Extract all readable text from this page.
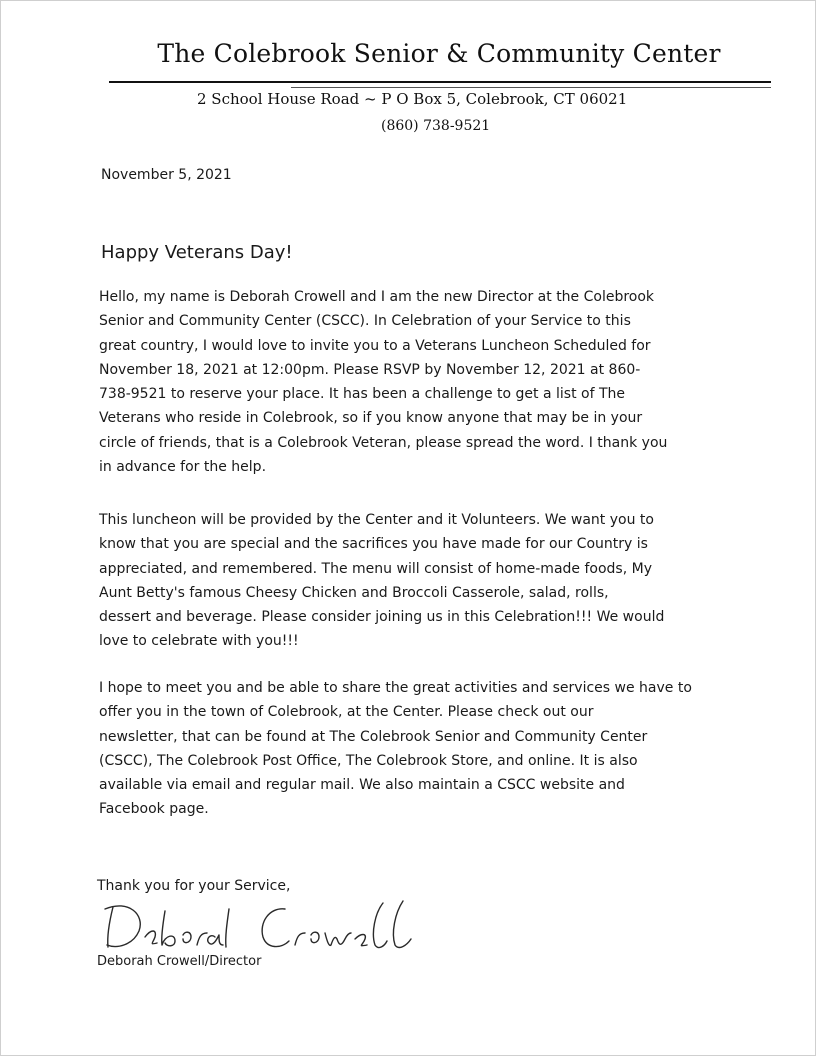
The Colebrook Senior & Community Center
2 School House Road ~ P O Box 5, Colebrook, CT 06021
(860) 738-9521
November 5, 2021
Happy Veterans Day!
Hello, my name is Deborah Crowell and I am the new Director at the Colebrook
Senior and Community Center (CSCC). In Celebration of your Service to this
great country, I would love to invite you to a Veterans Luncheon Scheduled for
November 18, 2021 at 12:00pm. Please RSVP by November 12, 2021 at 860-
738-9521 to reserve your place. It has been a challenge to get a list of The
Veterans who reside in Colebrook, so if you know anyone that may be in your
circle of friends, that is a Colebrook Veteran, please spread the word. I thank you
in advance for the help.
This luncheon will be provided by the Center and it Volunteers. We want you to
know that you are special and the sacrifices you have made for our Country is
appreciated, and remembered. The menu will consist of home-made foods, My
Aunt Betty's famous Cheesy Chicken and Broccoli Casserole, salad, rolls,
dessert and beverage. Please consider joining us in this Celebration!!! We would
love to celebrate with you!!!
I hope to meet you and be able to share the great activities and services we have to
offer you in the town of Colebrook, at the Center. Please check out our
newsletter, that can be found at The Colebrook Senior and Community Center
(CSCC), The Colebrook Post Office, The Colebrook Store, and online. It is also
available via email and regular mail. We also maintain a CSCC website and
Facebook page.
Thank you for your Service,
Deborah Crowell/Director
